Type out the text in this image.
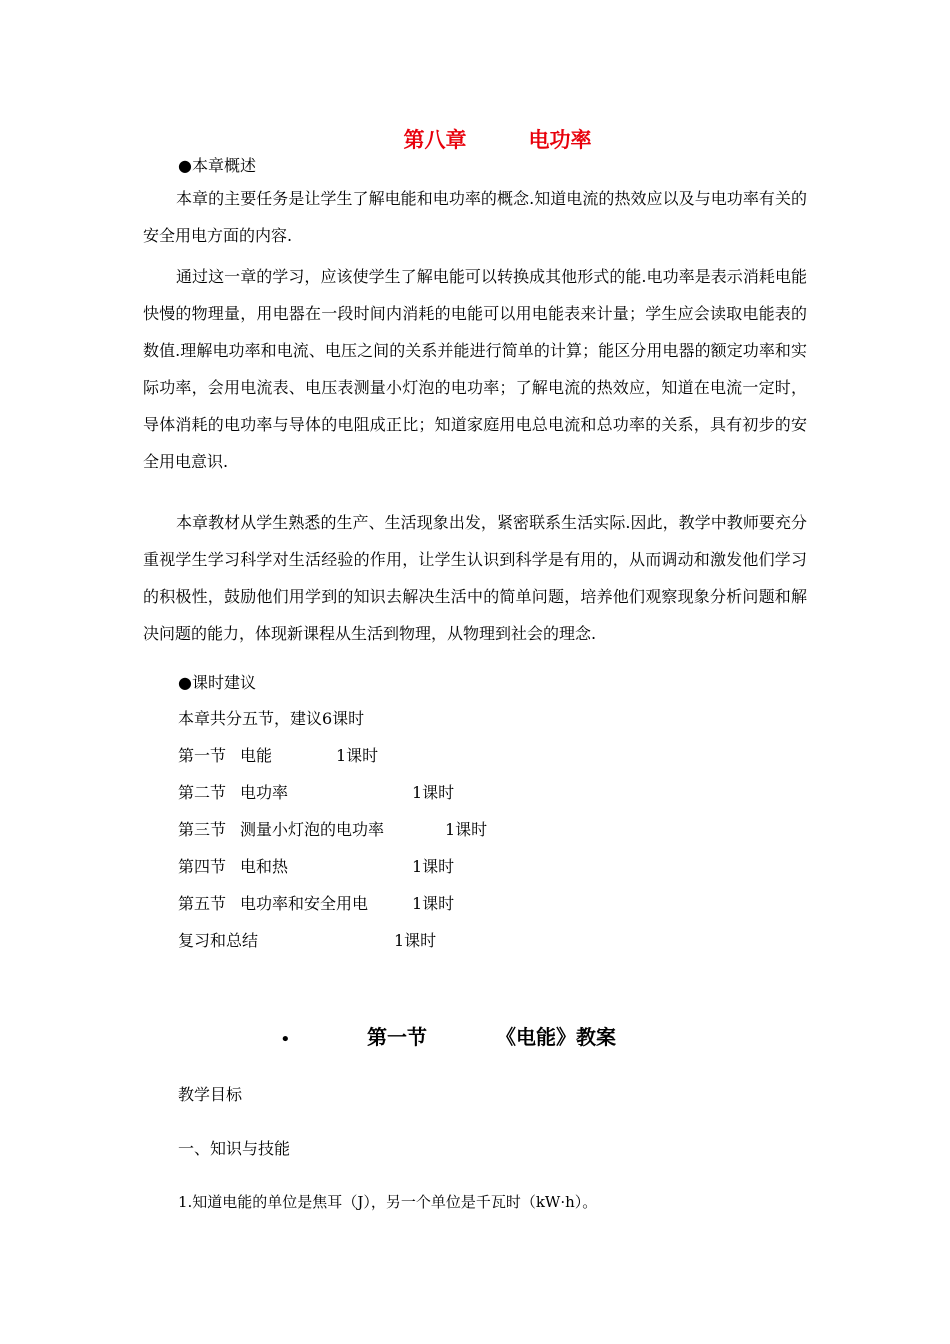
第八章	电功率
●本章概述

本章的主要任务是让学生了解电能和电功率的概念.知道电流的热效应以及与电功率有关的安全用电方面的内容.

通过这一章的学习，应该使学生了解电能可以转换成其他形式的能.电功率是表示消耗电能快慢的物理量，用电器在一段时间内消耗的电能可以用电能表来计量；学生应会读取电能表的数值.理解电功率和电流、电压之间的关系并能进行简单的计算；能区分用电器的额定功率和实际功率，会用电流表、电压表测量小灯泡的电功率；了解电流的热效应，知道在电流一定时，导体消耗的电功率与导体的电阻成正比；知道家庭用电总电流和总功率的关系，具有初步的安全用电意识.

本章教材从学生熟悉的生产、生活现象出发，紧密联系生活实际.因此，教学中教师要充分重视学生学习科学对生活经验的作用，让学生认识到科学是有用的，从而调动和激发他们学习的积极性，鼓励他们用学到的知识去解决生活中的简单问题，培养他们观察现象分析问题和解决问题的能力，体现新课程从生活到物理，从物理到社会的理念.

●课时建议
本章共分五节，建议6课时
第一节 电能	1课时
第二节 电功率	1课时
第三节 测量小灯泡的电功率	1课时
第四节 电和热	1课时
第五节 电功率和安全用电	1课时
复习和总结	1课时
•	第一节	《电能》教案
教学目标
一、知识与技能
1.知道电能的单位是焦耳（J），另一个单位是千瓦时（kW·h）。
